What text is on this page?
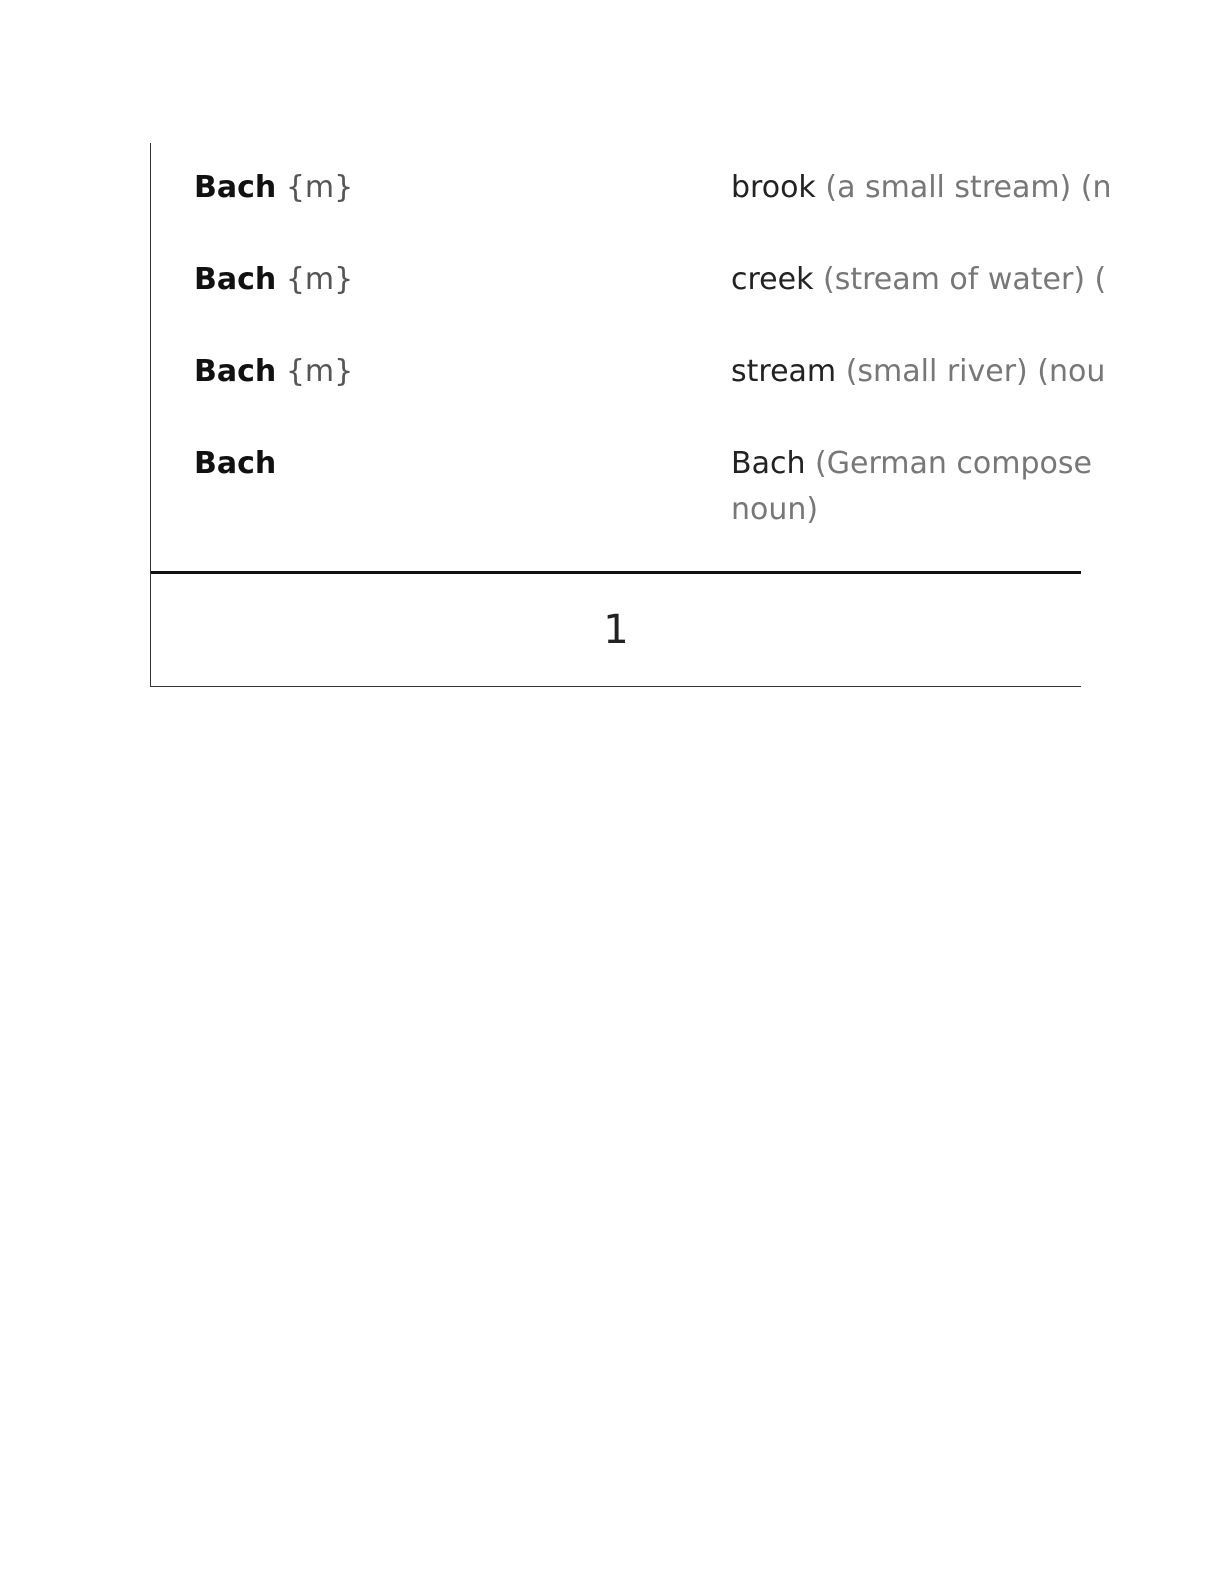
Bach {m}	brook (a small stream) (n
Bach {m}	creek (stream of water) (
Bach {m}	stream (small river) (nou
Bach	Bach (German compose
noun)
1
